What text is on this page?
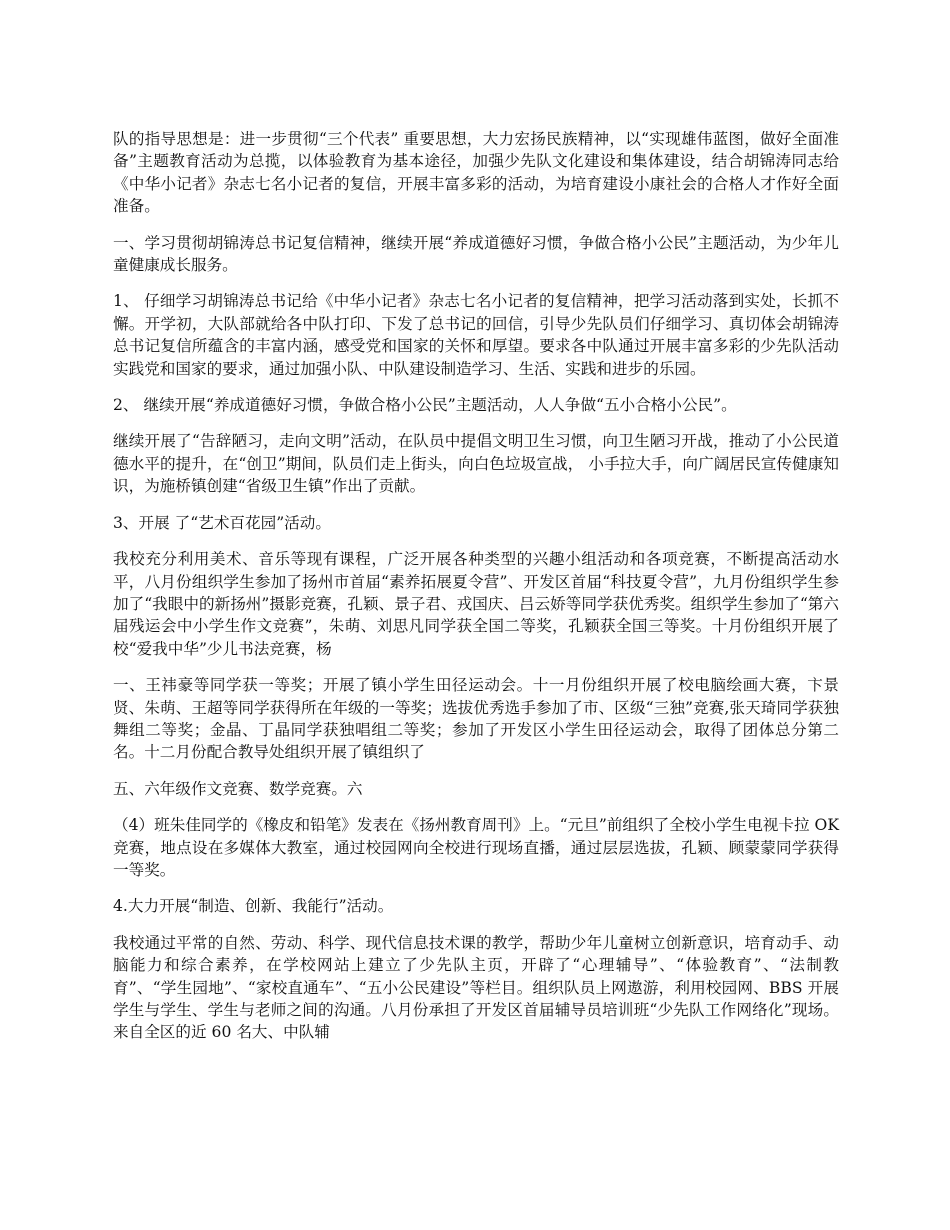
队的指导思想是：进一步贯彻“三个代表” 重要思想，大力宏扬民族精神，以“实现雄伟蓝图，做好全面准备”主题教育活动为总揽，以体验教育为基本途径，加强少先队文化建设和集体建设，结合胡锦涛同志给《中华小记者》杂志七名小记者的复信，开展丰富多彩的活动，为培育建设小康社会的合格人才作好全面准备。

一、学习贯彻胡锦涛总书记复信精神，继续开展“养成道德好习惯，争做合格小公民”主题活动，为少年儿童健康成长服务。

1、 仔细学习胡锦涛总书记给《中华小记者》杂志七名小记者的复信精神，把学习活动落到实处，长抓不懈。开学初，大队部就给各中队打印、下发了总书记的回信，引导少先队员们仔细学习、真切体会胡锦涛总书记复信所蕴含的丰富内涵，感受党和国家的关怀和厚望。要求各中队通过开展丰富多彩的少先队活动实践党和国家的要求，通过加强小队、中队建设制造学习、生活、实践和进步的乐园。

2、 继续开展“养成道德好习惯，争做合格小公民”主题活动，人人争做“五小合格小公民”。

继续开展了“告辞陋习，走向文明”活动，在队员中提倡文明卫生习惯，向卫生陋习开战，推动了小公民道德水平的提升，在“创卫”期间，队员们走上街头，向白色垃圾宣战， 小手拉大手，向广阔居民宣传健康知识，为施桥镇创建“省级卫生镇”作出了贡献。

3、开展 了“艺术百花园”活动。

我校充分利用美术、音乐等现有课程，广泛开展各种类型的兴趣小组活动和各项竞赛，不断提高活动水平，八月份组织学生参加了扬州市首届“素养拓展夏令营”、开发区首届“科技夏令营”，九月份组织学生参加了“我眼中的新扬州”摄影竞赛，孔颖、景子君、戎国庆、吕云娇等同学获优秀奖。组织学生参加了“第六届残运会中小学生作文竞赛”，朱萌、刘思凡同学获全国二等奖，孔颖获全国三等奖。十月份组织开展了校“爱我中华”少儿书法竞赛，杨

一、王祎豪等同学获一等奖；开展了镇小学生田径运动会。十一月份组织开展了校电脑绘画大赛，卞景贤、朱萌、王超等同学获得所在年级的一等奖；选拔优秀选手参加了市、区级“三独”竞赛,张天琦同学获独舞组二等奖；金晶、丁晶同学获独唱组二等奖；参加了开发区小学生田径运动会，取得了团体总分第二名。十二月份配合教导处组织开展了镇组织了

五、六年级作文竞赛、数学竞赛。六

（4）班朱佳同学的《橡皮和铅笔》发表在《扬州教育周刊》上。“元旦”前组织了全校小学生电视卡拉 OK 竞赛，地点设在多媒体大教室，通过校园网向全校进行现场直播，通过层层选拔，孔颖、顾蒙蒙同学获得一等奖。

4.大力开展“制造、创新、我能行”活动。

我校通过平常的自然、劳动、科学、现代信息技术课的教学，帮助少年儿童树立创新意识，培育动手、动脑能力和综合素养，在学校网站上建立了少先队主页，开辟了“心理辅导”、“体验教育”、“法制教育”、“学生园地”、“家校直通车”、“五小公民建设”等栏目。组织队员上网遨游，利用校园网、BBS 开展学生与学生、学生与老师之间的沟通。八月份承担了开发区首届辅导员培训班“少先队工作网络化”现场。来自全区的近 60 名大、中队辅
